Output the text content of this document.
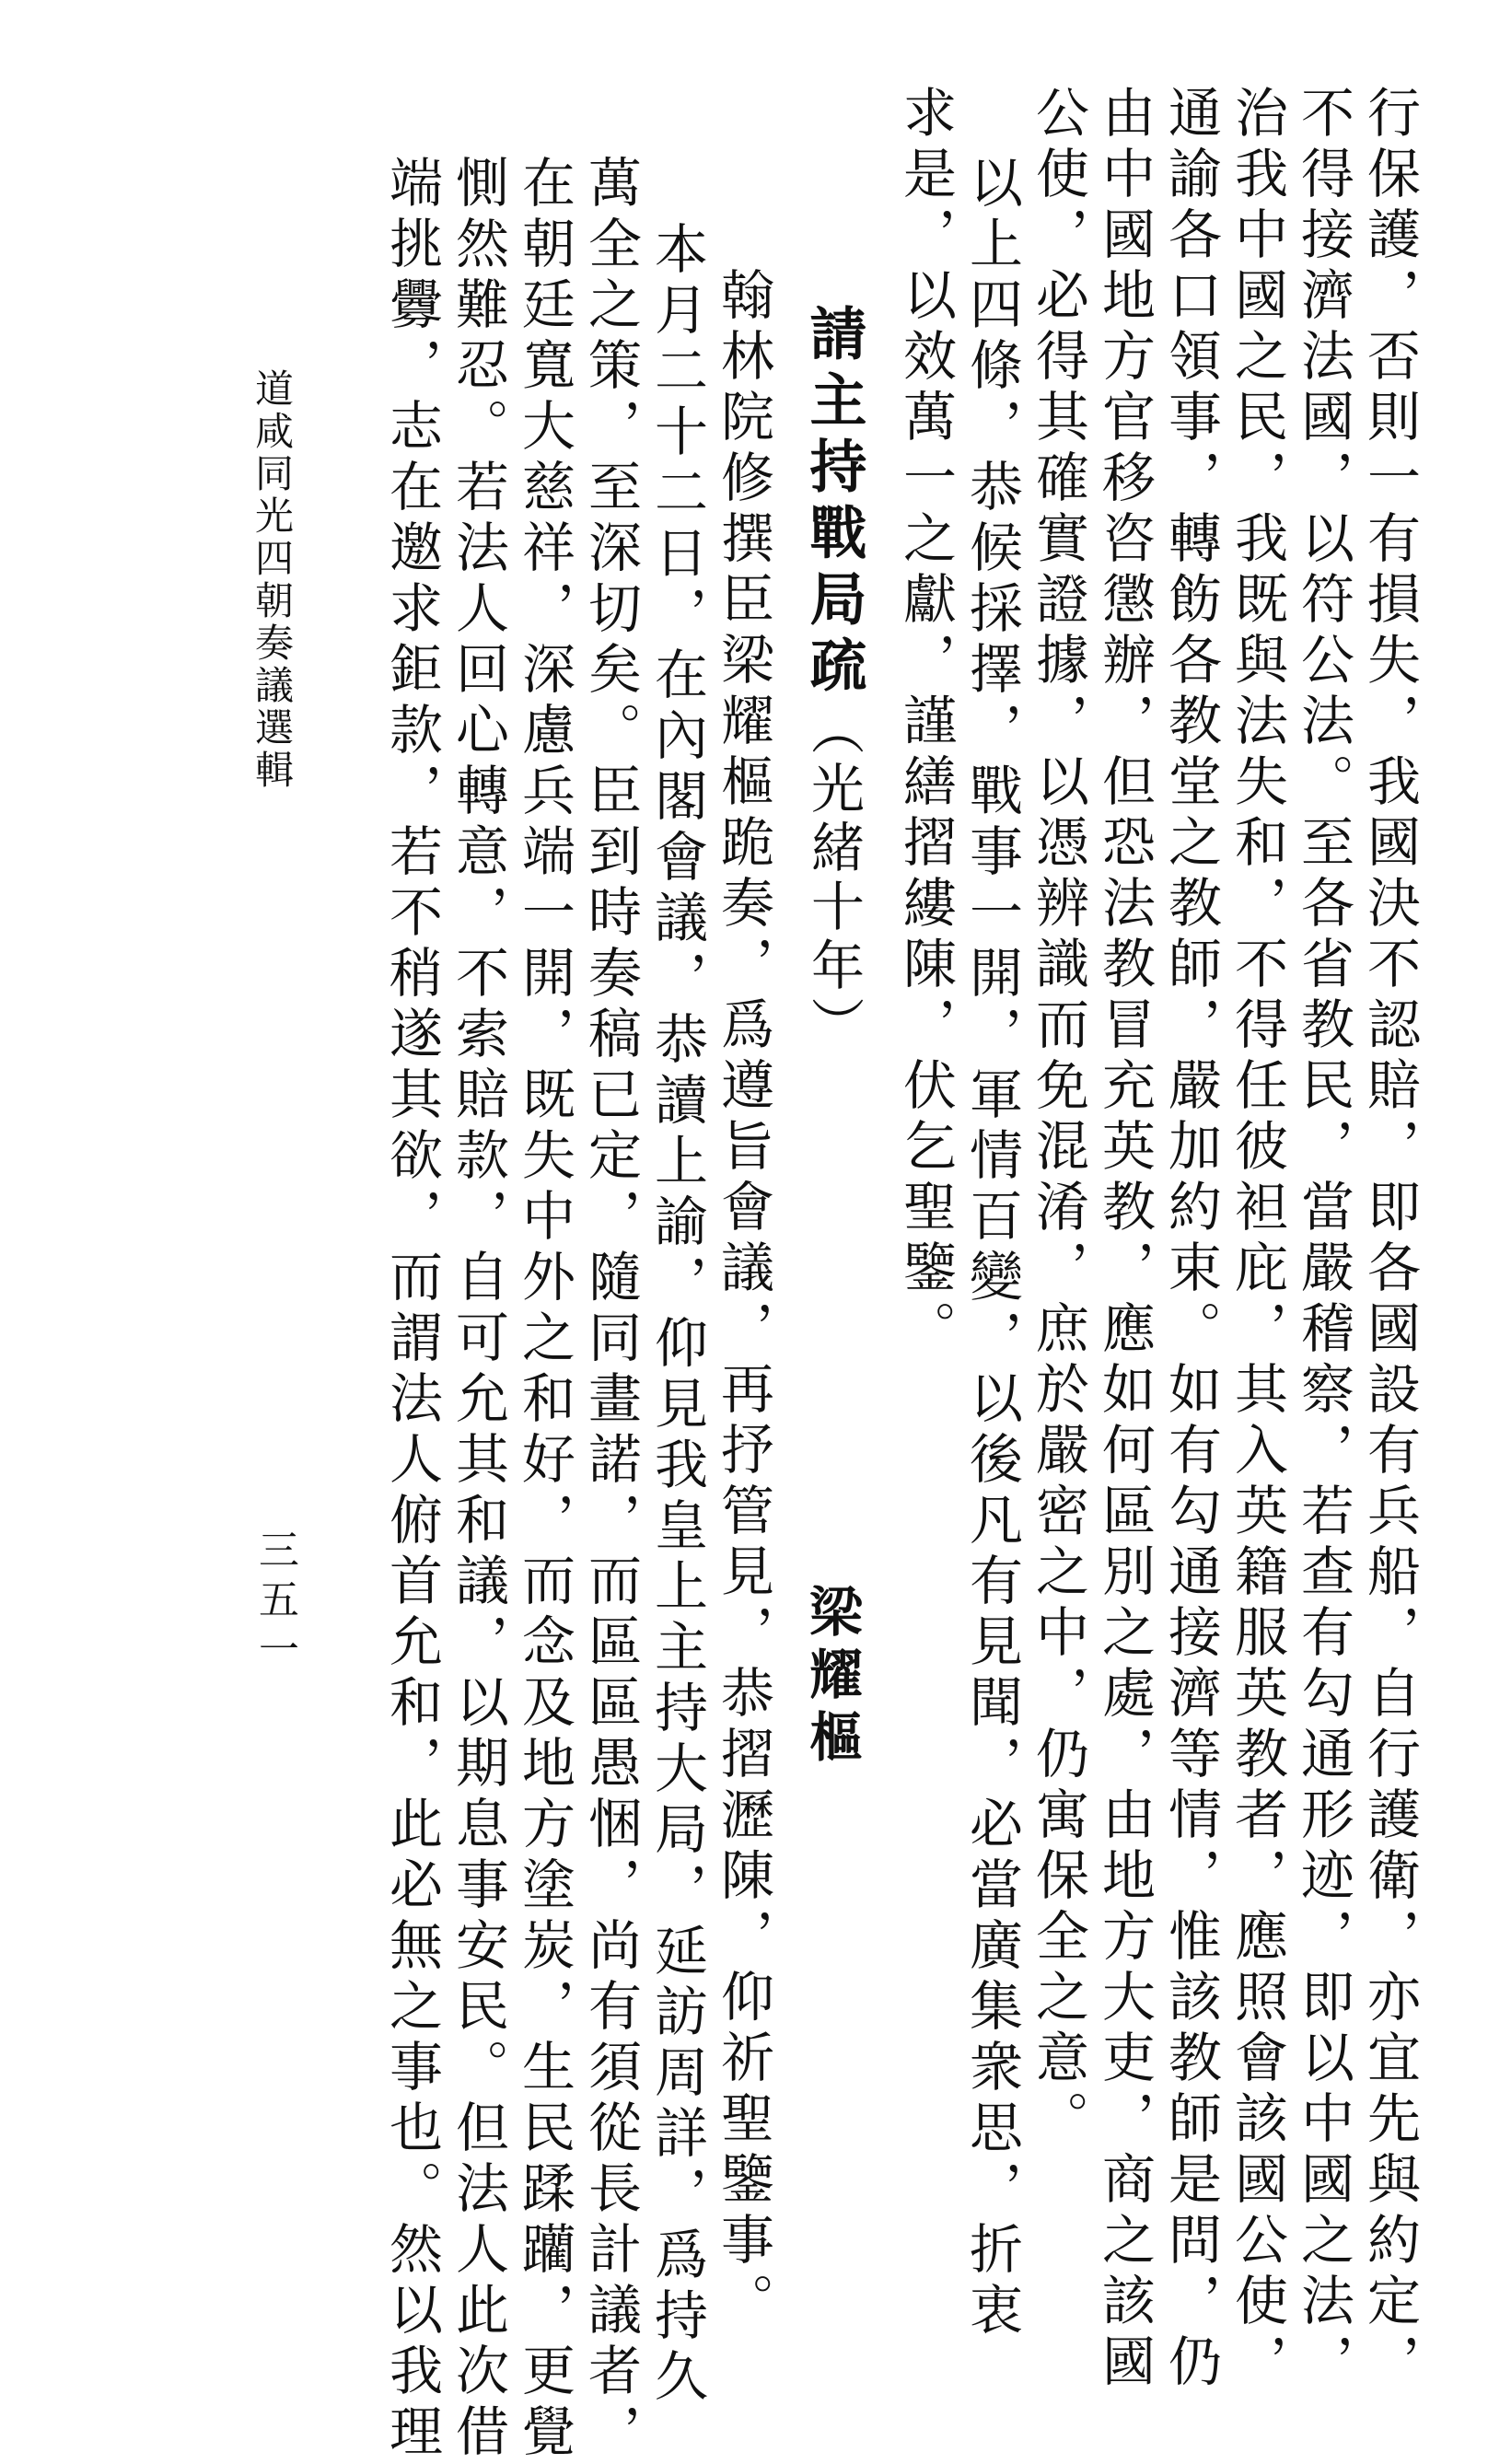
行保護，否則一有損失，我國決不認賠，即各國設有兵船，自行護衛，亦宜先與約定，
不得接濟法國，以符公法。至各省教民，當嚴稽察，若查有勾通形迹，即以中國之法，
治我中國之民，我既與法失和，不得任彼袒庇，其入英籍服英教者，應照會該國公使，
通諭各口領事，轉飭各教堂之教師，嚴加約束。如有勾通接濟等情，惟該教師是問，仍
由中國地方官移咨懲辦，但恐法教冒充英教，應如何區別之處，由地方大吏，商之該國
公使，必得其確實證據，以憑辨識而免混淆，庶於嚴密之中，仍寓保全之意。
以上四條，恭候採擇，戰事一開，軍情百變，以後凡有見聞，必當廣集衆思，折衷
求是，以效萬一之獻，謹繕摺縷陳，伏乞聖鑒。
請主持戰局疏（光緒十年）
梁耀樞
翰林院修撰臣梁耀樞跪奏，爲遵旨會議，再抒管見，恭摺瀝陳，仰祈聖鑒事。
本月二十二日，在內閣會議，恭讀上諭，仰見我皇上主持大局，延訪周詳，爲持久
萬全之策，至深切矣。臣到時奏稿已定，隨同畫諾，而區區愚悃，尚有須從長計議者，
在朝廷寬大慈祥，深慮兵端一開，既失中外之和好，而念及地方塗炭，生民蹂躪，更覺
惻然難忍。若法人回心轉意，不索賠款，自可允其和議，以期息事安民。但法人此次借
端挑釁，志在邀求鉅款，若不稍遂其欲，而謂法人俯首允和，此必無之事也。然以我理
道咸同光四朝奏議選輯
三五一
